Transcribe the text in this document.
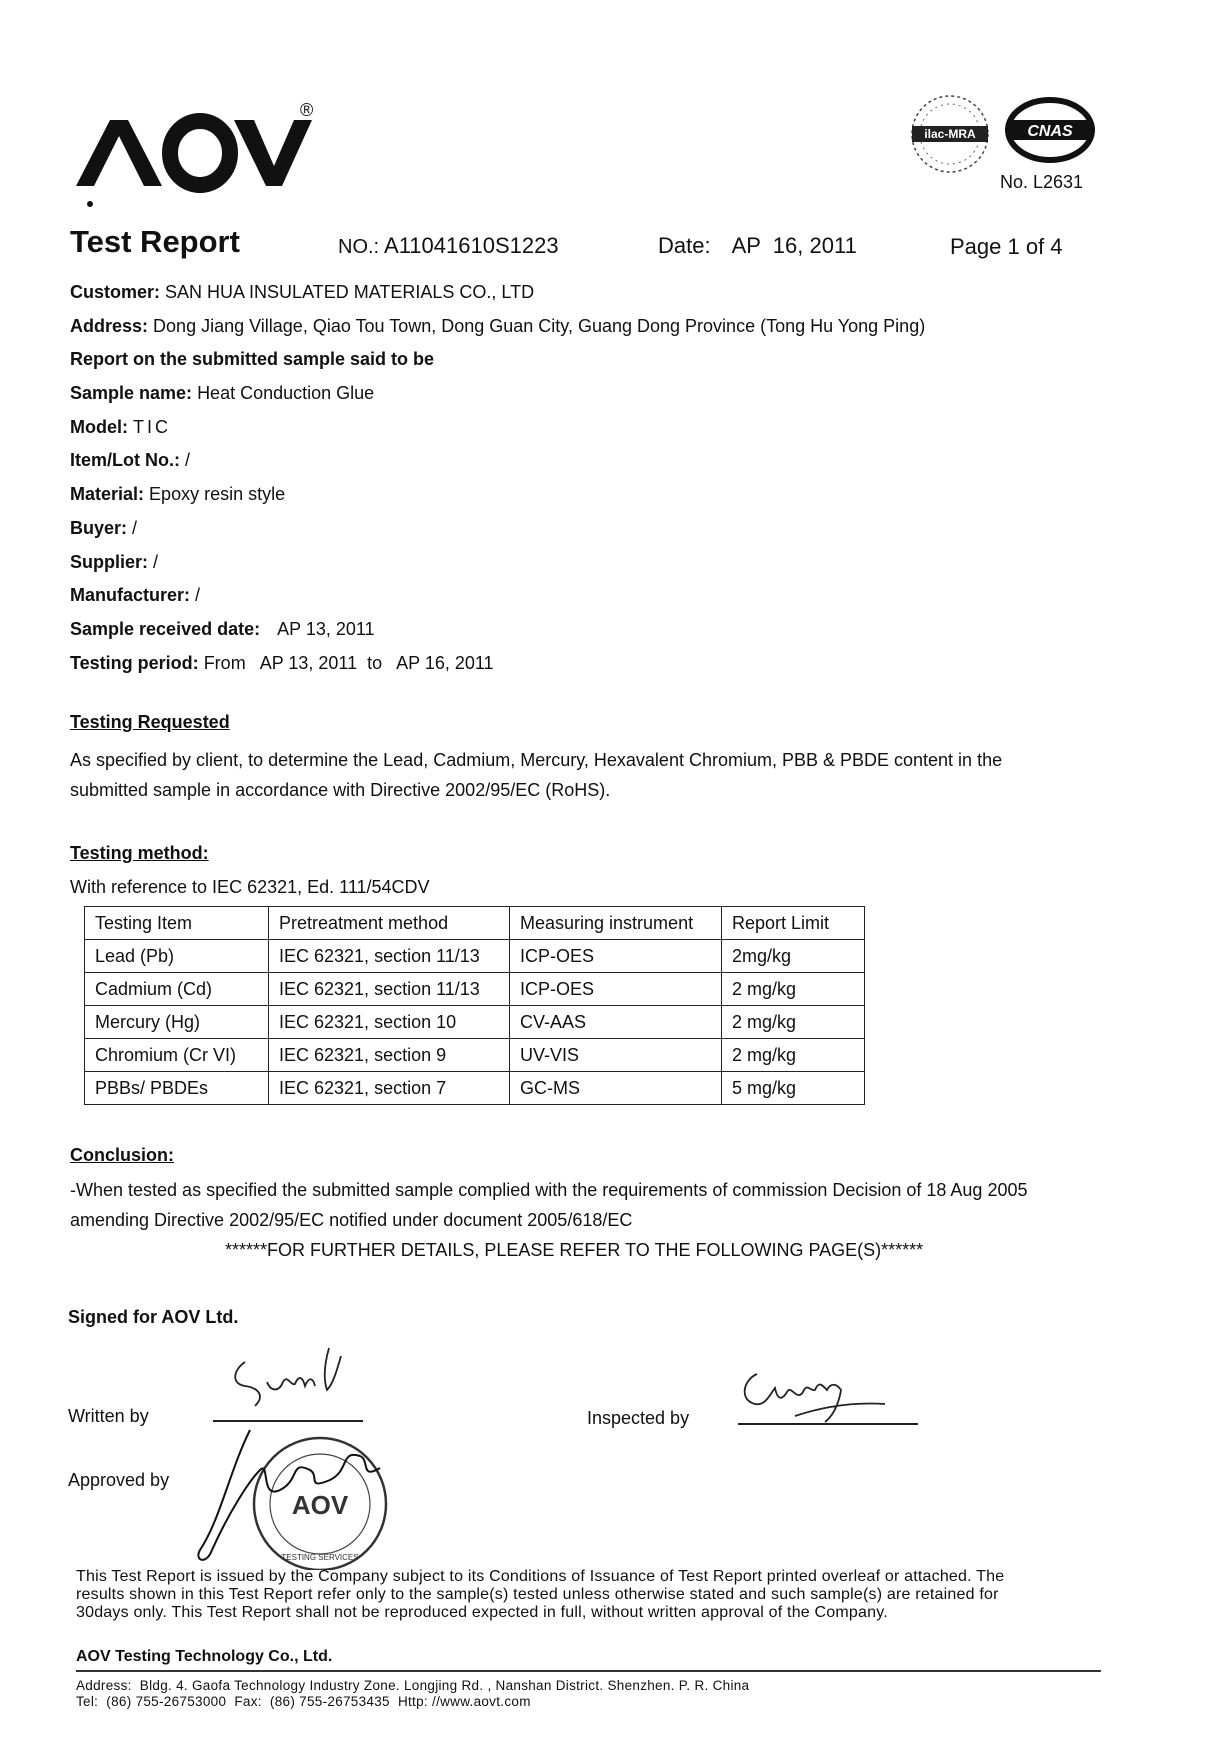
®
ilac-MRA	CNAS
No. L2631
Test Report	NO.: A11041610S1223	Date: AP  16, 2011	Page 1 of 4
Customer: SAN HUA INSULATED MATERIALS CO., LTD
Address: Dong Jiang Village, Qiao Tou Town, Dong Guan City, Guang Dong Province (Tong Hu Yong Ping)
Report on the submitted sample said to be
Sample name: Heat Conduction Glue
Model: TIC
Item/Lot No.: /
Material: Epoxy resin style
Buyer: /
Supplier: /
Manufacturer: /
Sample received date: AP 13, 2011
Testing period: From   AP 13, 2011  to   AP 16, 2011
Testing Requested
As specified by client, to determine the Lead, Cadmium, Mercury, Hexavalent Chromium, PBB & PBDE content in the
submitted sample in accordance with Directive 2002/95/EC (RoHS).
Testing method:
With reference to IEC 62321, Ed. 111/54CDV
Testing Item	Pretreatment method	Measuring instrument	Report Limit
Lead (Pb)	IEC 62321, section 11/13	ICP-OES	2mg/kg
Cadmium (Cd)	IEC 62321, section 11/13	ICP-OES	2 mg/kg
Mercury (Hg)	IEC 62321, section 10	CV-AAS	2 mg/kg
Chromium (Cr VI)	IEC 62321, section 9	UV-VIS	2 mg/kg
PBBs/ PBDEs	IEC 62321, section 7	GC-MS	5 mg/kg
Conclusion:
-When tested as specified the submitted sample complied with the requirements of commission Decision of 18 Aug 2005
amending Directive 2002/95/EC notified under document 2005/618/EC
******FOR FURTHER DETAILS, PLEASE REFER TO THE FOLLOWING PAGE(S)******
Signed for AOV Ltd.
Written by
Approved by
AOV
TESTING SERVICES
Inspected by
This Test Report is issued by the Company subject to its Conditions of Issuance of Test Report printed overleaf or attached. The
results shown in this Test Report refer only to the sample(s) tested unless otherwise stated and such sample(s) are retained for
30days only. This Test Report shall not be reproduced expected in full, without written approval of the Company.
AOV Testing Technology Co., Ltd.
Address:  Bldg. 4. Gaofa Technology Industry Zone. Longjing Rd. , Nanshan District. Shenzhen. P. R. China
Tel:  (86) 755-26753000  Fax:  (86) 755-26753435  Http: //www.aovt.com
